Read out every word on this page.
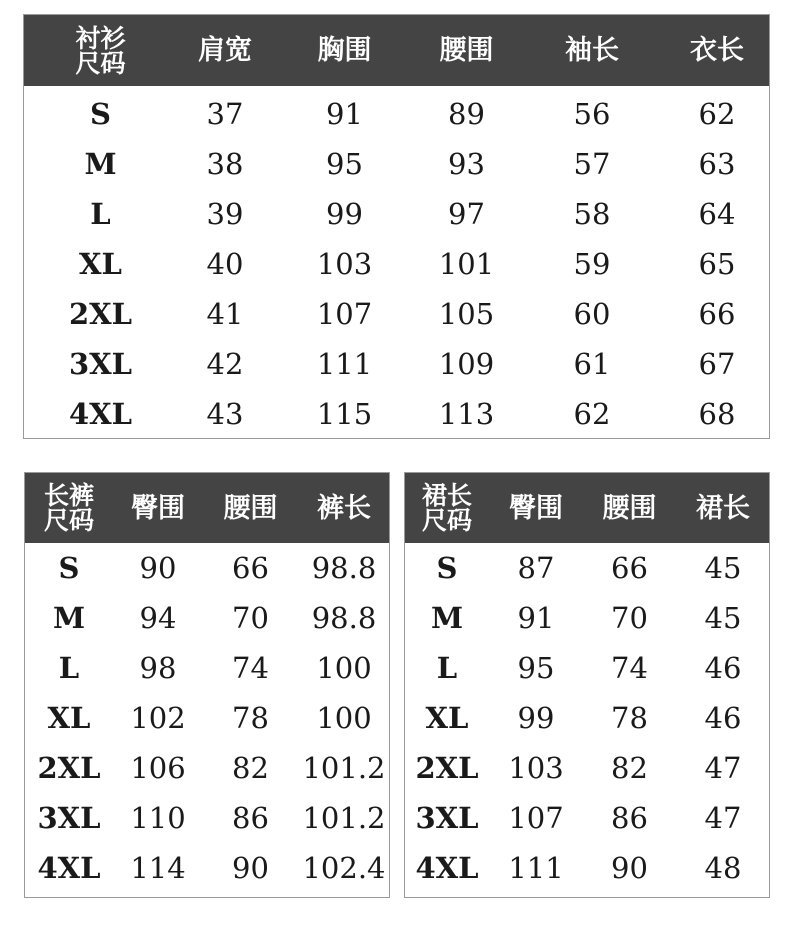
衬衫
尺码	肩宽	胸围	腰围	袖长	衣长
S	37	91	89	56	62
M	38	95	93	57	63
L	39	99	97	58	64
XL	40	103	101	59	65
2XL	41	107	105	60	66
3XL	42	111	109	61	67
4XL	43	115	113	62	68
长裤
尺码	臀围	腰围	裤长
S	90	66	98.8
M	94	70	98.8
L	98	74	100
XL	102	78	100
2XL	106	82	101.2
3XL	110	86	101.2
4XL	114	90	102.4
裙长
尺码	臀围	腰围	裙长
S	87	66	45
M	91	70	45
L	95	74	46
XL	99	78	46
2XL	103	82	47
3XL	107	86	47
4XL	111	90	48
